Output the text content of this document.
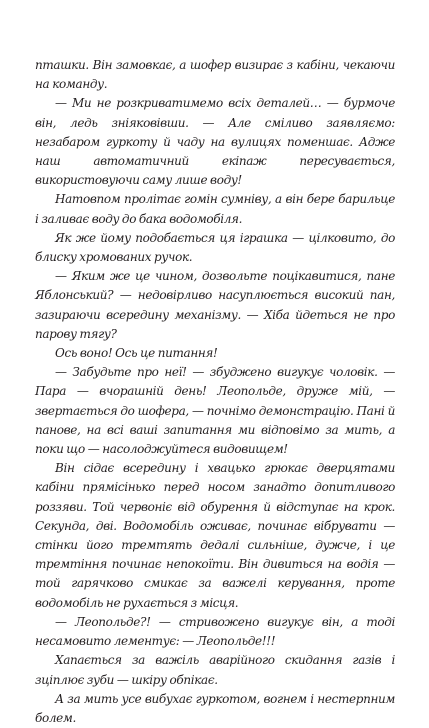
пташки. Він замовкає, а шофер визирає з кабіни, чекаючи на команду.

— Ми не розкриватимемо всіх деталей… — бурмоче він, ледь зніяковівши. — Але сміливо заявляємо: незабаром гуркоту й чаду на вулицях поменшає. Адже наш автоматичний екіпаж пересувається, використовуючи саму лише воду!

Натовпом пролітає гомін сумніву, а він бере барильце і заливає воду до бака водомобіля.

Як же йому подобається ця іграшка — цілковито, до блиску хромованих ручок.

— Яким же це чином, дозвольте поцікавитися, пане Яблонський? — недовірливо насуплюється високий пан, зазираючи всередину механізму. — Хіба йдеться не про парову тягу?

Ось воно! Ось це питання!

— Забудьте про неї! — збуджено вигукує чоловік. — Пара — вчорашній день! Леопольде, друже мій, — звертається до шофера, — почнімо демонстрацію. Пані й панове, на всі ваші запитання ми відповімо за мить, а поки що — насолоджуйтеся видовищем!

Він сідає всередину і хвацько грюкає дверцятами кабіни прямісінько перед носом занадто допитливого роззяви. Той червоніє від обурення й відступає на крок. Секунда, дві. Водомобіль оживає, починає вібрувати — стінки його тремтять дедалі сильніше, дужче, і це тремтіння починає непокоїти. Він дивиться на водія — той гарячково смикає за важелі керування, проте водомобіль не рухається з місця.

— Леопольде?! — стривожено вигукує він, а тоді несамовито лементує: — Леопольде!!!

Хапається за важіль аварійного скидання газів і зціплює зуби — шкіру обпікає.

А за мить усе вибухає гуркотом, вогнем і нестерпним болем.
